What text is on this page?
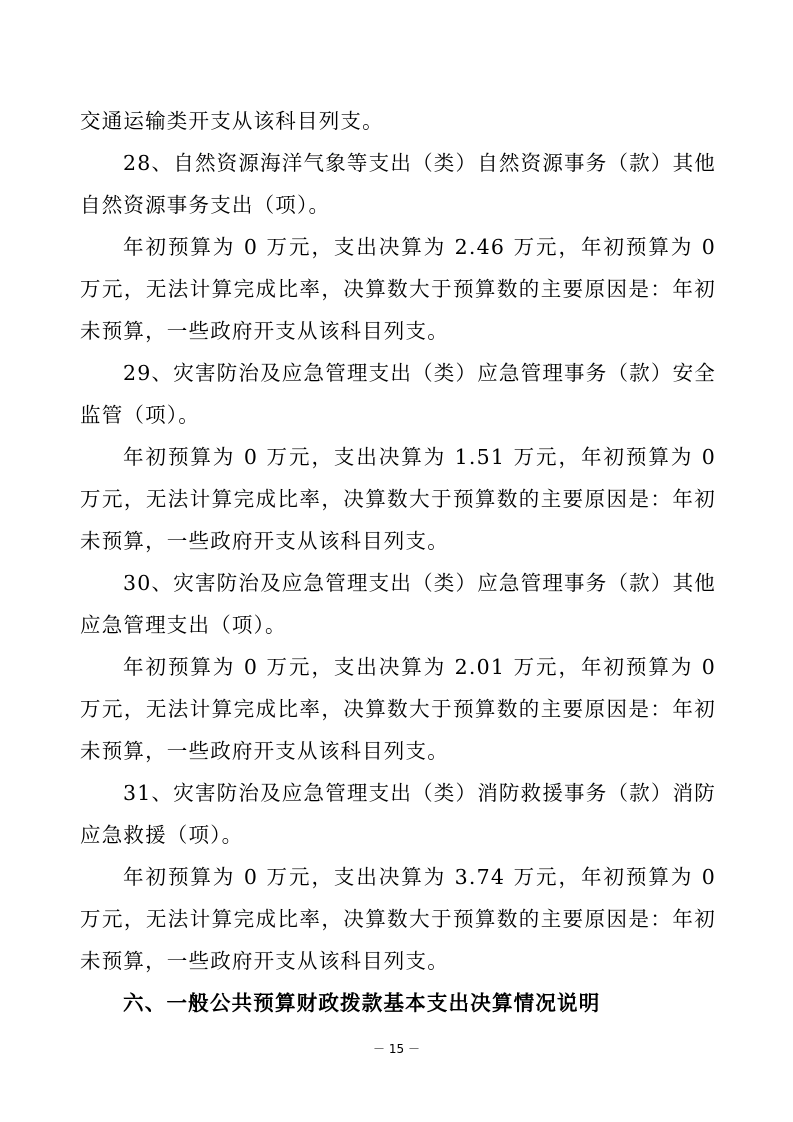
交通运输类开支从该科目列支。

28、自然资源海洋气象等支出（类）自然资源事务（款）其他自然资源事务支出（项）。

年初预算为 0 万元，支出决算为 2.46 万元，年初预算为 0 万元，无法计算完成比率，决算数大于预算数的主要原因是：年初未预算，一些政府开支从该科目列支。

29、灾害防治及应急管理支出（类）应急管理事务（款）安全监管（项）。

年初预算为 0 万元，支出决算为 1.51 万元，年初预算为 0 万元，无法计算完成比率，决算数大于预算数的主要原因是：年初未预算，一些政府开支从该科目列支。

30、灾害防治及应急管理支出（类）应急管理事务（款）其他应急管理支出（项）。

年初预算为 0 万元，支出决算为 2.01 万元，年初预算为 0 万元，无法计算完成比率，决算数大于预算数的主要原因是：年初未预算，一些政府开支从该科目列支。

31、灾害防治及应急管理支出（类）消防救援事务（款）消防应急救援（项）。

年初预算为 0 万元，支出决算为 3.74 万元，年初预算为 0 万元，无法计算完成比率，决算数大于预算数的主要原因是：年初未预算，一些政府开支从该科目列支。

六、一般公共预算财政拨款基本支出决算情况说明

－ 15 －
